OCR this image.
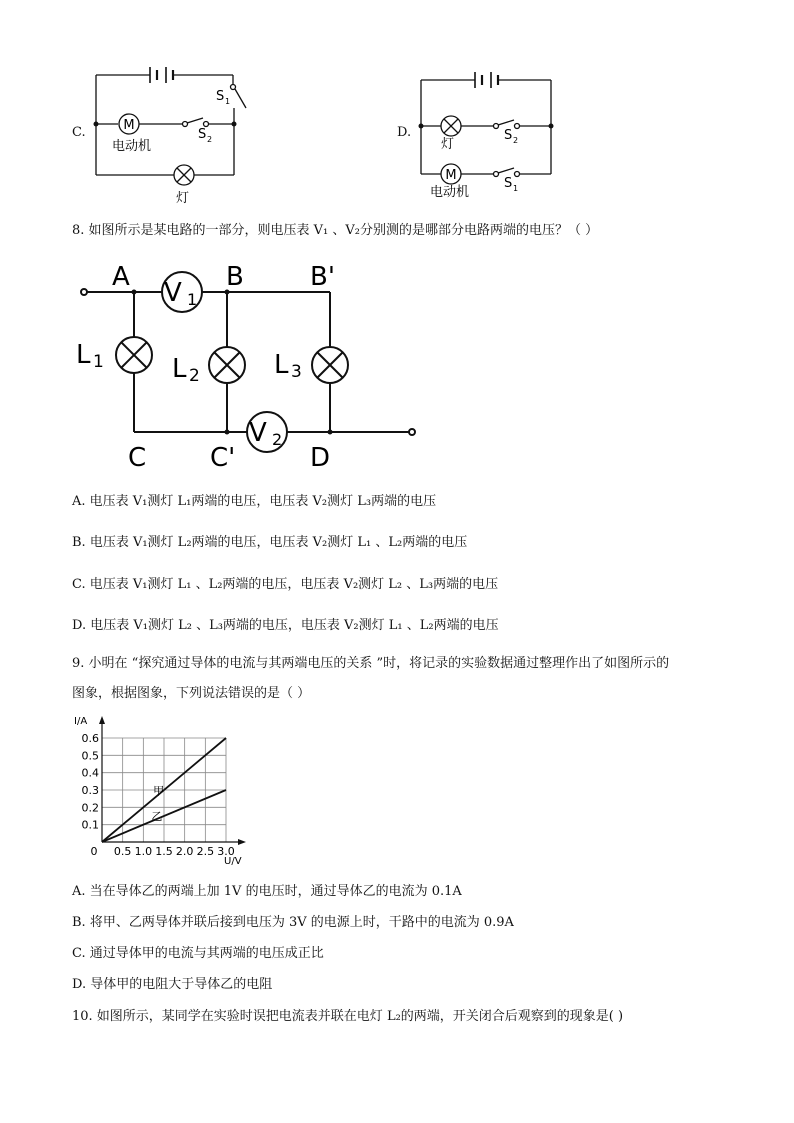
C.	M
S 1
S 2
电动机
灯
D.
M
S 2
S 1
灯
电动机
8. 如图所示是某电路的一部分，则电压表 V₁ 、V₂分别测的是哪部分电路两端的电压？（ ）
A	B	B'
C C'	D
V 1
V 2
L 1	L 2	L 3
A. 电压表 V₁测灯 L₁两端的电压，电压表 V₂测灯 L₃两端的电压
B. 电压表 V₁测灯 L₂两端的电压，电压表 V₂测灯 L₁ 、L₂两端的电压
C. 电压表 V₁测灯 L₁ 、L₂两端的电压，电压表 V₂测灯 L₂ 、L₃两端的电压
D. 电压表 V₁测灯 L₂ 、L₃两端的电压，电压表 V₂测灯 L₁ 、L₂两端的电压
9. 小明在 “探究通过导体的电流与其两端电压的关系 ”时，将记录的实验数据通过整理作出了如图所示的
图象，根据图象，下列说法错误的是（ ）
0.5 1.0 1.5 2.0 2.5 3.0
0.1
0.2
0.3
0.4
0.5
0.6
0
I/A
U/V
甲
乙
A. 当在导体乙的两端上加 1V 的电压时，通过导体乙的电流为 0.1A
B. 将甲、乙两导体并联后接到电压为 3V 的电源上时，干路中的电流为 0.9A
C. 通过导体甲的电流与其两端的电压成正比
D. 导体甲的电阻大于导体乙的电阻
10. 如图所示，某同学在实验时误把电流表并联在电灯 L₂的两端，开关闭合后观察到的现象是( )
